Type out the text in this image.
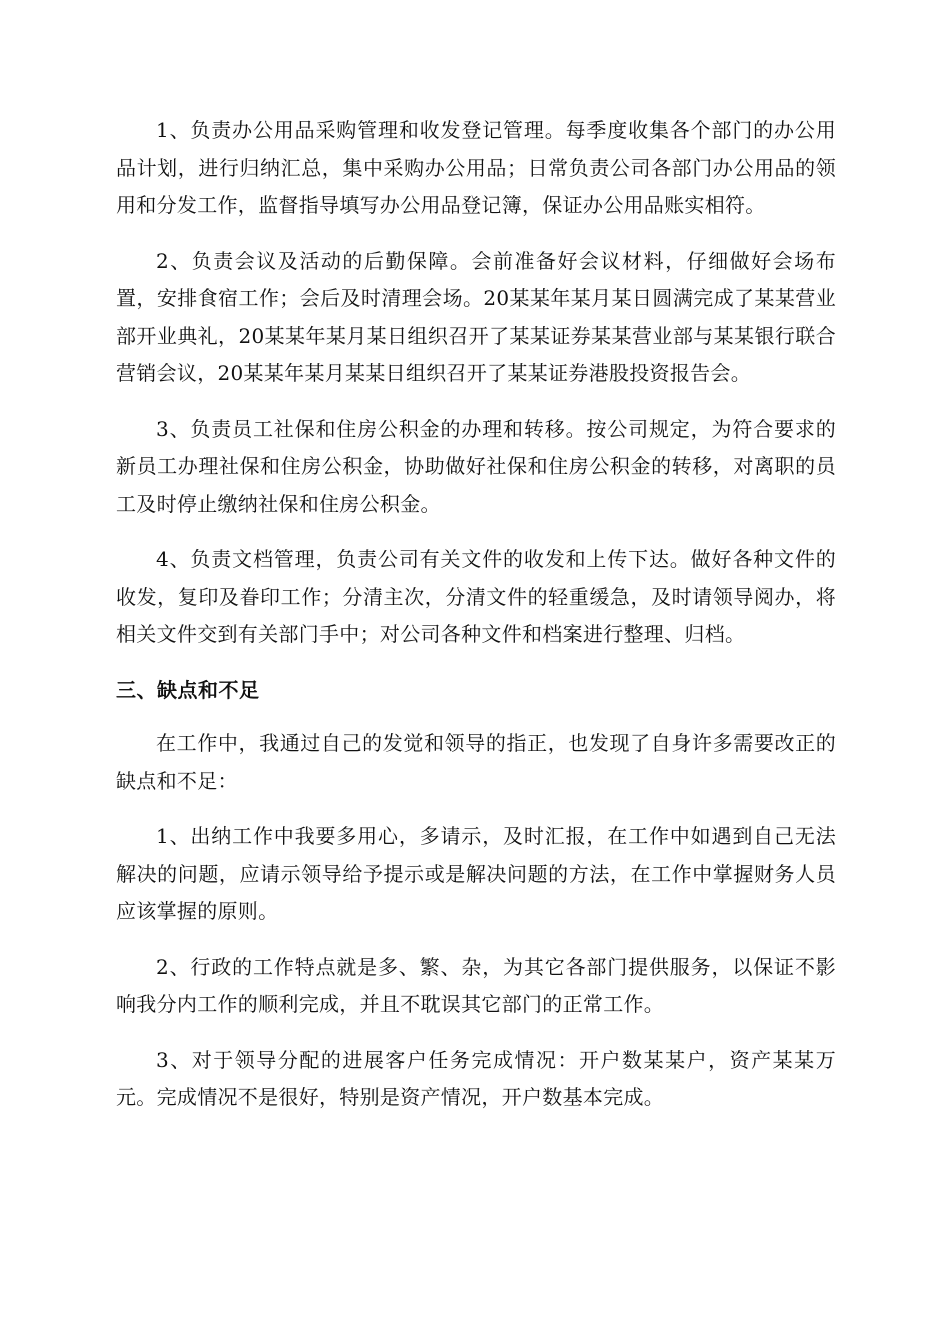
1、负责办公用品采购管理和收发登记管理。每季度收集各个部门的办公用品计划，进行归纳汇总，集中采购办公用品；日常负责公司各部门办公用品的领用和分发工作，监督指导填写办公用品登记簿，保证办公用品账实相符。

2、负责会议及活动的后勤保障。会前准备好会议材料，仔细做好会场布置，安排食宿工作；会后及时清理会场。20某某年某月某日圆满完成了某某营业部开业典礼，20某某年某月某日组织召开了某某证券某某营业部与某某银行联合营销会议，20某某年某月某某日组织召开了某某证券港股投资报告会。

3、负责员工社保和住房公积金的办理和转移。按公司规定，为符合要求的新员工办理社保和住房公积金，协助做好社保和住房公积金的转移，对离职的员工及时停止缴纳社保和住房公积金。

4、负责文档管理，负责公司有关文件的收发和上传下达。做好各种文件的收发，复印及眷印工作；分清主次，分清文件的轻重缓急，及时请领导阅办，将相关文件交到有关部门手中；对公司各种文件和档案进行整理、归档。

三、缺点和不足

在工作中，我通过自己的发觉和领导的指正，也发现了自身许多需要改正的缺点和不足：

1、出纳工作中我要多用心，多请示，及时汇报，在工作中如遇到自己无法解决的问题，应请示领导给予提示或是解决问题的方法，在工作中掌握财务人员应该掌握的原则。

2、行政的工作特点就是多、繁、杂，为其它各部门提供服务，以保证不影响我分内工作的顺利完成，并且不耽误其它部门的正常工作。

3、对于领导分配的进展客户任务完成情况：开户数某某户，资产某某万元。完成情况不是很好，特别是资产情况，开户数基本完成。
